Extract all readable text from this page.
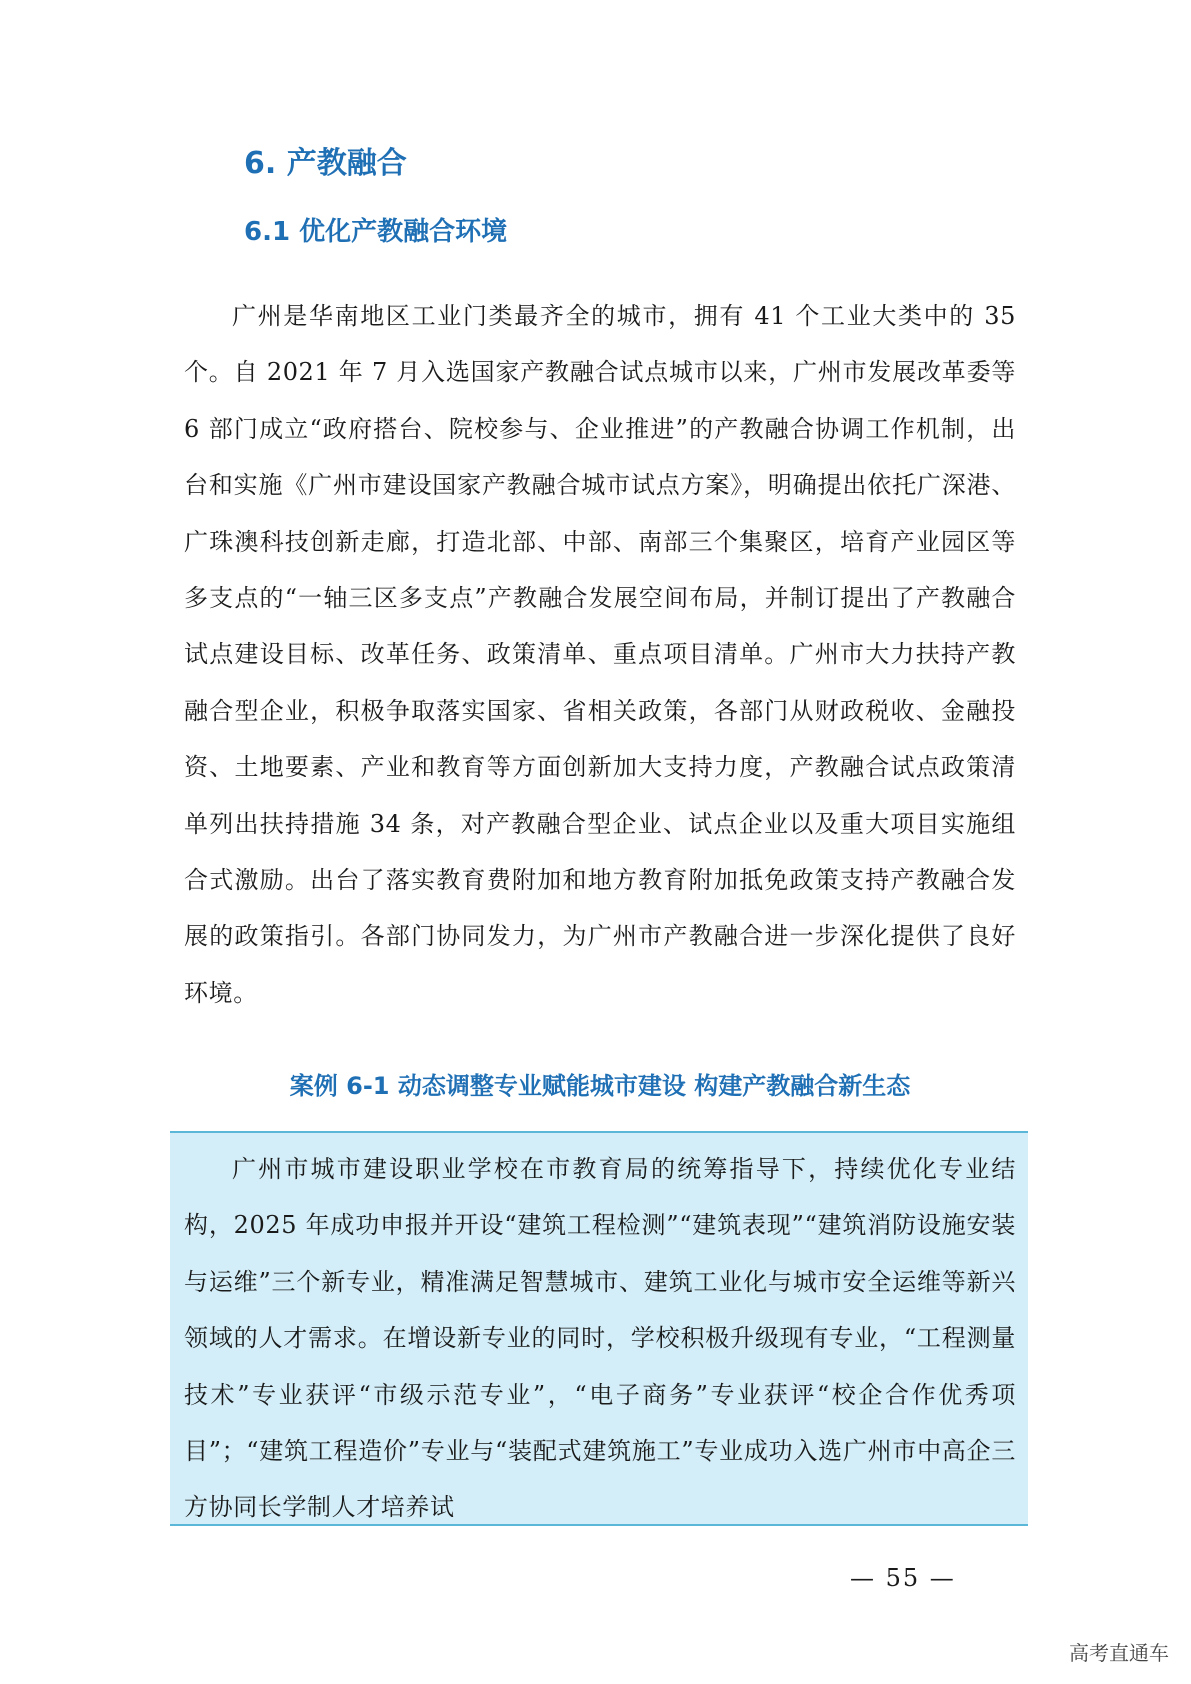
6. 产教融合
6.1 优化产教融合环境

广州是华南地区工业门类最齐全的城市，拥有 41 个工业大类中的 35 个。自 2021 年 7 月入选国家产教融合试点城市以来，广州市发展改革委等 6 部门成立“政府搭台、院校参与、企业推进”的产教融合协调工作机制，出台和实施《广州市建设国家产教融合城市试点方案》，明确提出依托广深港、广珠澳科技创新走廊，打造北部、中部、南部三个集聚区，培育产业园区等多支点的“一轴三区多支点”产教融合发展空间布局，并制订提出了产教融合试点建设目标、改革任务、政策清单、重点项目清单。广州市大力扶持产教融合型企业，积极争取落实国家、省相关政策，各部门从财政税收、金融投资、土地要素、产业和教育等方面创新加大支持力度，产教融合试点政策清单列出扶持措施 34 条，对产教融合型企业、试点企业以及重大项目实施组合式激励。出台了落实教育费附加和地方教育附加抵免政策支持产教融合发展的政策指引。各部门协同发力，为广州市产教融合进一步深化提供了良好环境。

案例 6-1 动态调整专业赋能城市建设 构建产教融合新生态

广州市城市建设职业学校在市教育局的统筹指导下，持续优化专业结构，2025 年成功申报并开设“建筑工程检测”“建筑表现”“建筑消防设施安装与运维”三个新专业，精准满足智慧城市、建筑工业化与城市安全运维等新兴领域的人才需求。在增设新专业的同时，学校积极升级现有专业，“工程测量技术”专业获评“市级示范专业”，“电子商务”专业获评“校企合作优秀项目”；“建筑工程造价”专业与“装配式建筑施工”专业成功入选广州市中高企三方协同长学制人才培养试

— 55 —
高考直通车
